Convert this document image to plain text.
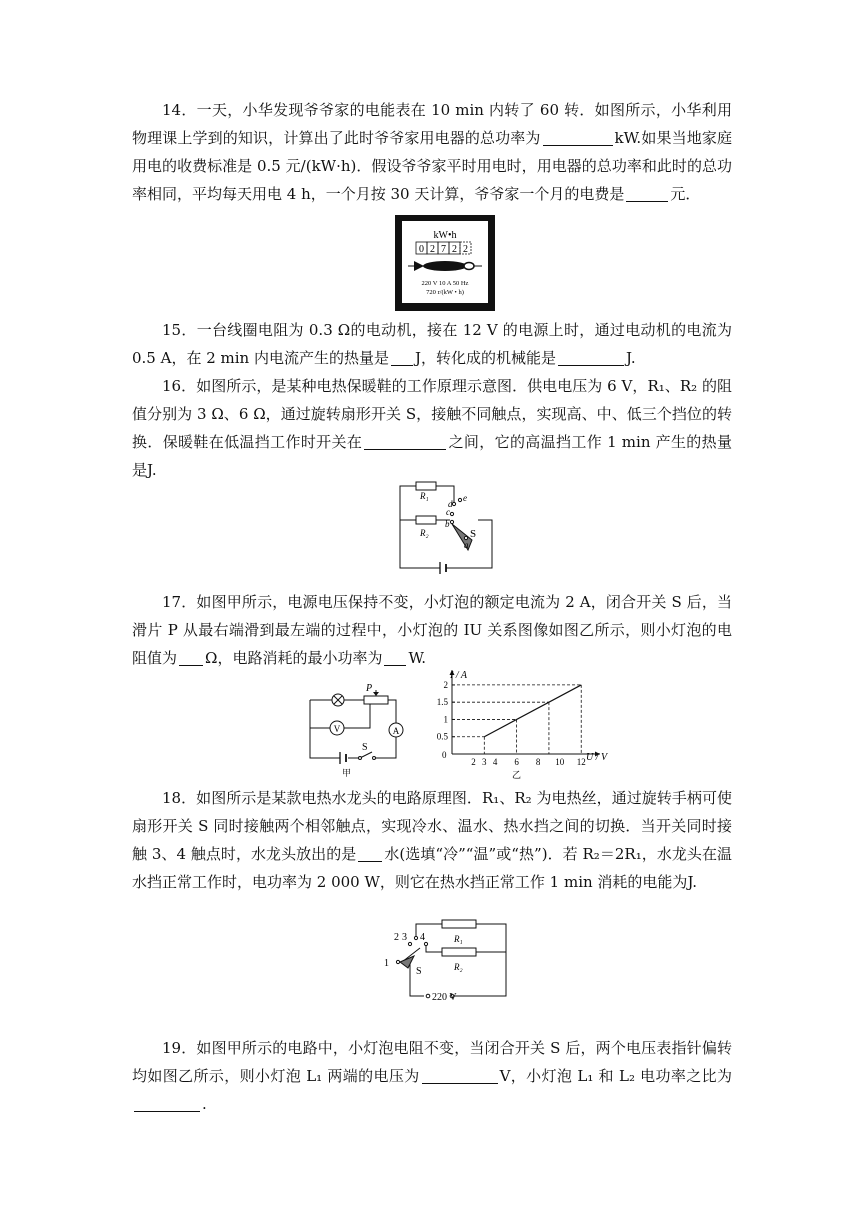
14．一天，小华发现爷爷家的电能表在 10 min 内转了 60 转．如图所示，小华利用物理课上学到的知识，计算出了此时爷爷家用电器的总功率为	kW.如果当地家庭用电的收费标准是 0.5 元/(kW·h)．假设爷爷家平时用电时，用电器的总功率和此时的总功率相同，平均每天用电 4 h，一个月按 30 天计算，爷爷家一个月的电费是	元．
kW•h
0 2 7 2 2
220 V 10 A 50 Hz
720 r/(kW • h)
15．一台线圈电阻为 0.3 Ω的电动机，接在 12 V 的电源上时，通过电动机的电流为 0.5 A，在 2 min 内电流产生的热量是 J，转化成的机械能是	J.
16．如图所示，是某种电热保暖鞋的工作原理示意图．供电电压为 6 V，R₁、R₂ 的阻值分别为 3 Ω、6 Ω，通过旋转扇形开关 S，接触不同触点，实现高、中、低三个挡位的转换．保暖鞋在低温挡工作时开关在	之间，它的高温挡工作 1 min 产生的热量是J.
R₁
R₂	S
a
b
c
d
e
17．如图甲所示，电源电压保持不变，小灯泡的额定电流为 2 A，闭合开关 S 后，当滑片 P 从最右端滑到最左端的过程中，小灯泡的 IU 关系图像如图乙所示，则小灯泡的电阻值为 Ω，电路消耗的最小功率为 W.
V	A
P
S
甲
0
0.5
1
1.5
2
2 3 4 6 8 10 12
I / A
U / V
乙
18．如图所示是某款电热水龙头的电路原理图．R₁、R₂ 为电热丝，通过旋转手柄可使扇形开关 S 同时接触两个相邻触点，实现冷水、温水、热水挡之间的切换．当开关同时接触 3、4 触点时，水龙头放出的是 水(选填“冷”“温”或“热”)．若 R₂＝2R₁，水龙头在温水挡正常工作时，电功率为 2 000 W，则它在热水挡正常工作 1 min 消耗的电能为J.
R₁
R₂
1
2 3 4
S
220 V
19．如图甲所示的电路中，小灯泡电阻不变，当闭合开关 S 后，两个电压表指针偏转均如图乙所示，则小灯泡 L₁ 两端的电压为	V，小灯泡 L₁ 和 L₂ 电功率之比为.
